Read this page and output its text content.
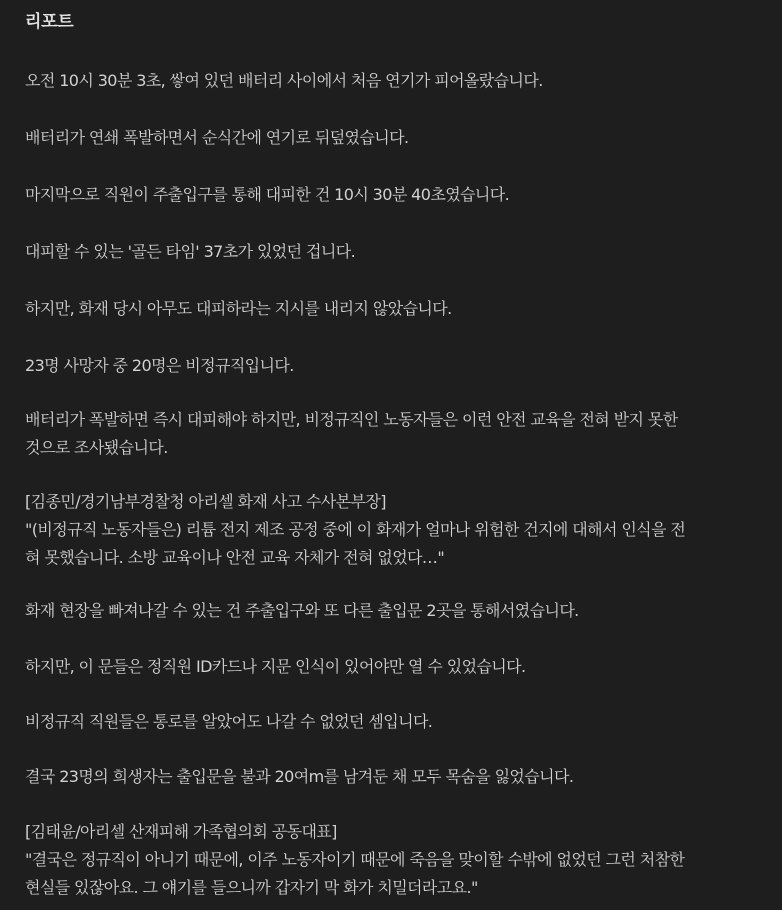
리포트
오전 10시 30분 3초, 쌓여 있던 배터리 사이에서 처음 연기가 피어올랐습니다.
배터리가 연쇄 폭발하면서 순식간에 연기로 뒤덮였습니다.
마지막으로 직원이 주출입구를 통해 대피한 건 10시 30분 40초였습니다.
대피할 수 있는 '골든 타임' 37초가 있었던 겁니다.
하지만, 화재 당시 아무도 대피하라는 지시를 내리지 않았습니다.
23명 사망자 중 20명은 비정규직입니다.
배터리가 폭발하면 즉시 대피해야 하지만, 비정규직인 노동자들은 이런 안전 교육을 전혀 받지 못한
것으로 조사됐습니다.
[김종민/경기남부경찰청 아리셀 화재 사고 수사본부장]
"(비정규직 노동자들은) 리튬 전지 제조 공정 중에 이 화재가 얼마나 위험한 건지에 대해서 인식을 전
혀 못했습니다. 소방 교육이나 안전 교육 자체가 전혀 없었다…"
화재 현장을 빠져나갈 수 있는 건 주출입구와 또 다른 출입문 2곳을 통해서였습니다.
하지만, 이 문들은 정직원 ID카드나 지문 인식이 있어야만 열 수 있었습니다.
비정규직 직원들은 통로를 알았어도 나갈 수 없었던 셈입니다.
결국 23명의 희생자는 출입문을 불과 20여m를 남겨둔 채 모두 목숨을 잃었습니다.
[김태윤/아리셀 산재피해 가족협의회 공동대표]
"결국은 정규직이 아니기 때문에, 이주 노동자이기 때문에 죽음을 맞이할 수밖에 없었던 그런 처참한
현실들 있잖아요. 그 얘기를 들으니까 갑자기 막 화가 치밀더라고요."
